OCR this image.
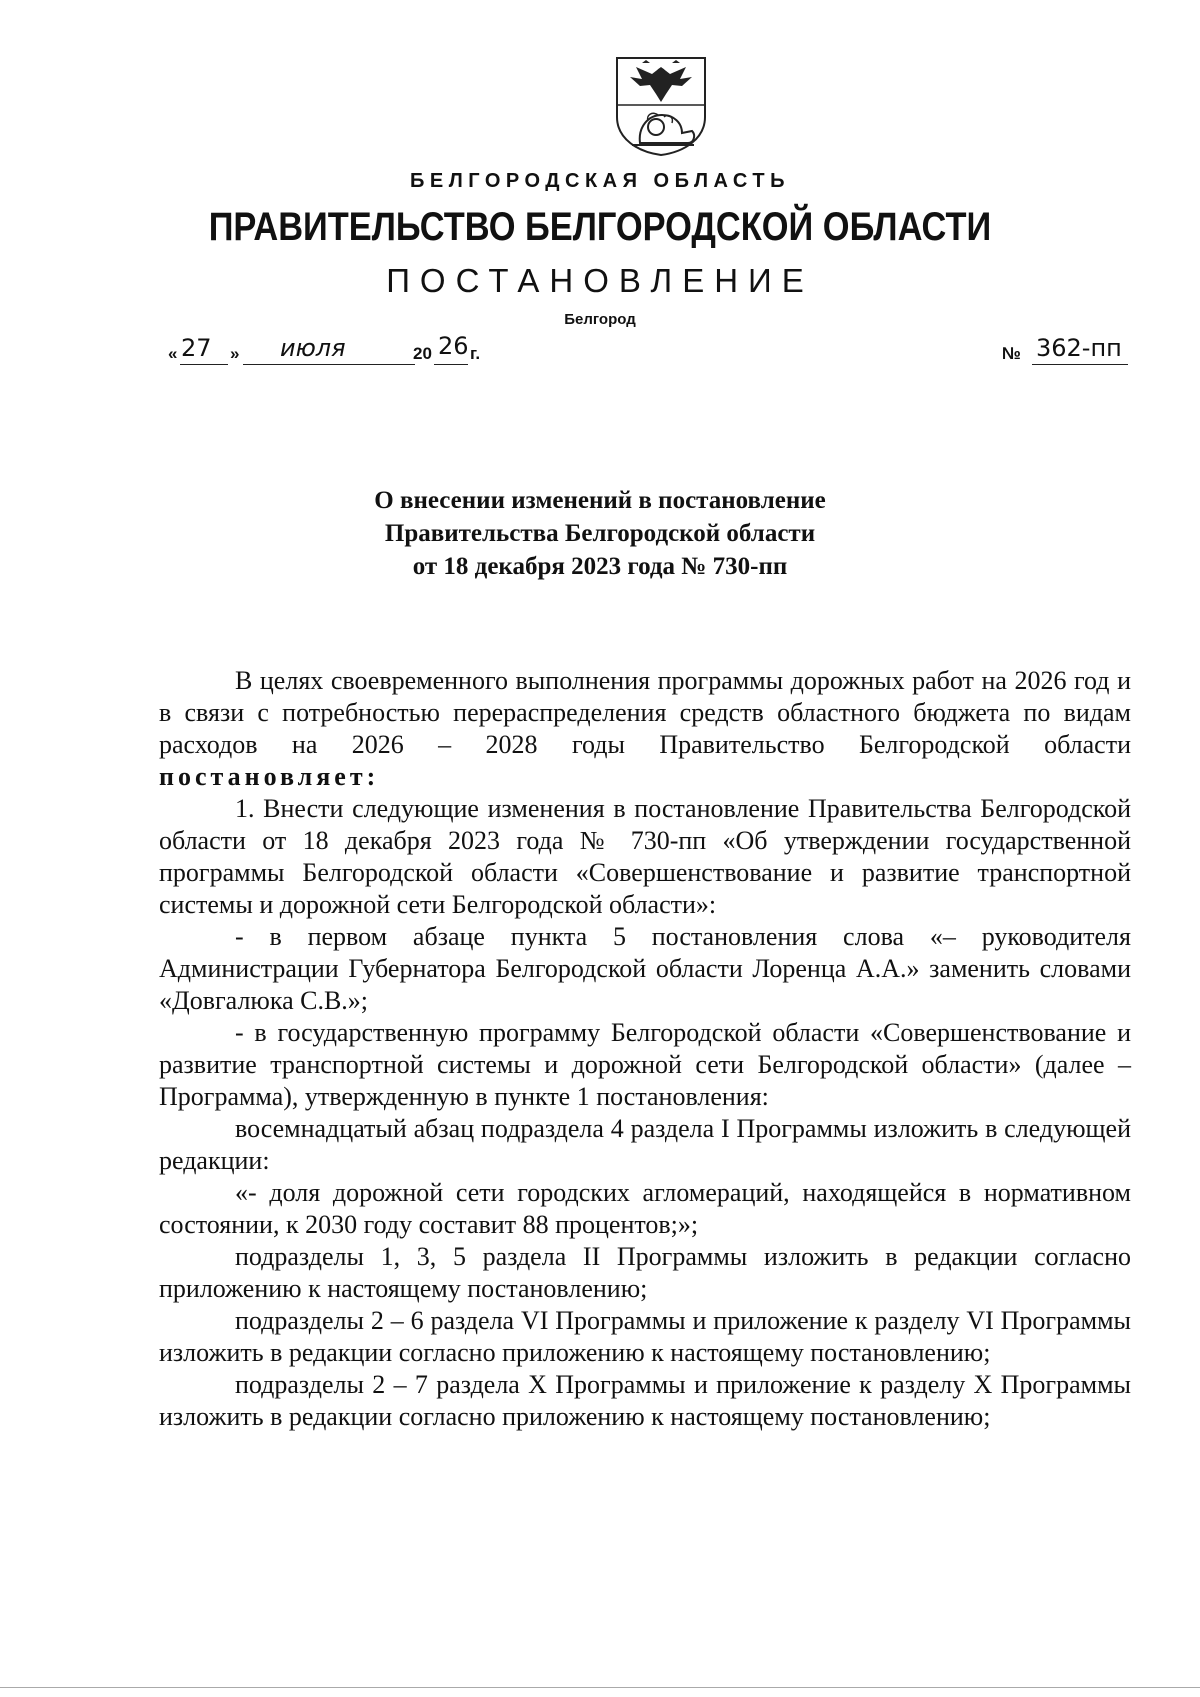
БЕЛГОРОДСКАЯ ОБЛАСТЬ
ПРАВИТЕЛЬСТВО БЕЛГОРОДСКОЙ ОБЛАСТИ
ПОСТАНОВЛЕНИЕ
Белгород
« 27 » июля	20 26 г.	№ 362-пп
О внесении изменений в постановление
Правительства Белгородской области
от 18 декабря 2023 года № 730-пп

В целях своевременного выполнения программы дорожных работ на 2026 год и в связи с потребностью перераспределения средств областного бюджета по видам расходов на 2026 – 2028 годы Правительство Белгородской области постановляет:

1. Внести следующие изменения в постановление Правительства Белгородской области от 18 декабря 2023 года № 730-пп «Об утверждении государственной программы Белгородской области «Совершенствование и развитие транспортной системы и дорожной сети Белгородской области»:

- в первом абзаце пункта 5 постановления слова «– руководителя Администрации Губернатора Белгородской области Лоренца А.А.» заменить словами «Довгалюка С.В.»;

- в государственную программу Белгородской области «Совершенствование и развитие транспортной системы и дорожной сети Белгородской области» (далее – Программа), утвержденную в пункте 1 постановления:

восемнадцатый абзац подраздела 4 раздела I Программы изложить в следующей редакции:

«- доля дорожной сети городских агломераций, находящейся в нормативном состоянии, к 2030 году составит 88 процентов;»;

подразделы 1, 3, 5 раздела II Программы изложить в редакции согласно приложению к настоящему постановлению;

подразделы 2 – 6 раздела VI Программы и приложение к разделу VI Программы изложить в редакции согласно приложению к настоящему постановлению;

подразделы 2 – 7 раздела X Программы и приложение к разделу X Программы изложить в редакции согласно приложению к настоящему постановлению;
